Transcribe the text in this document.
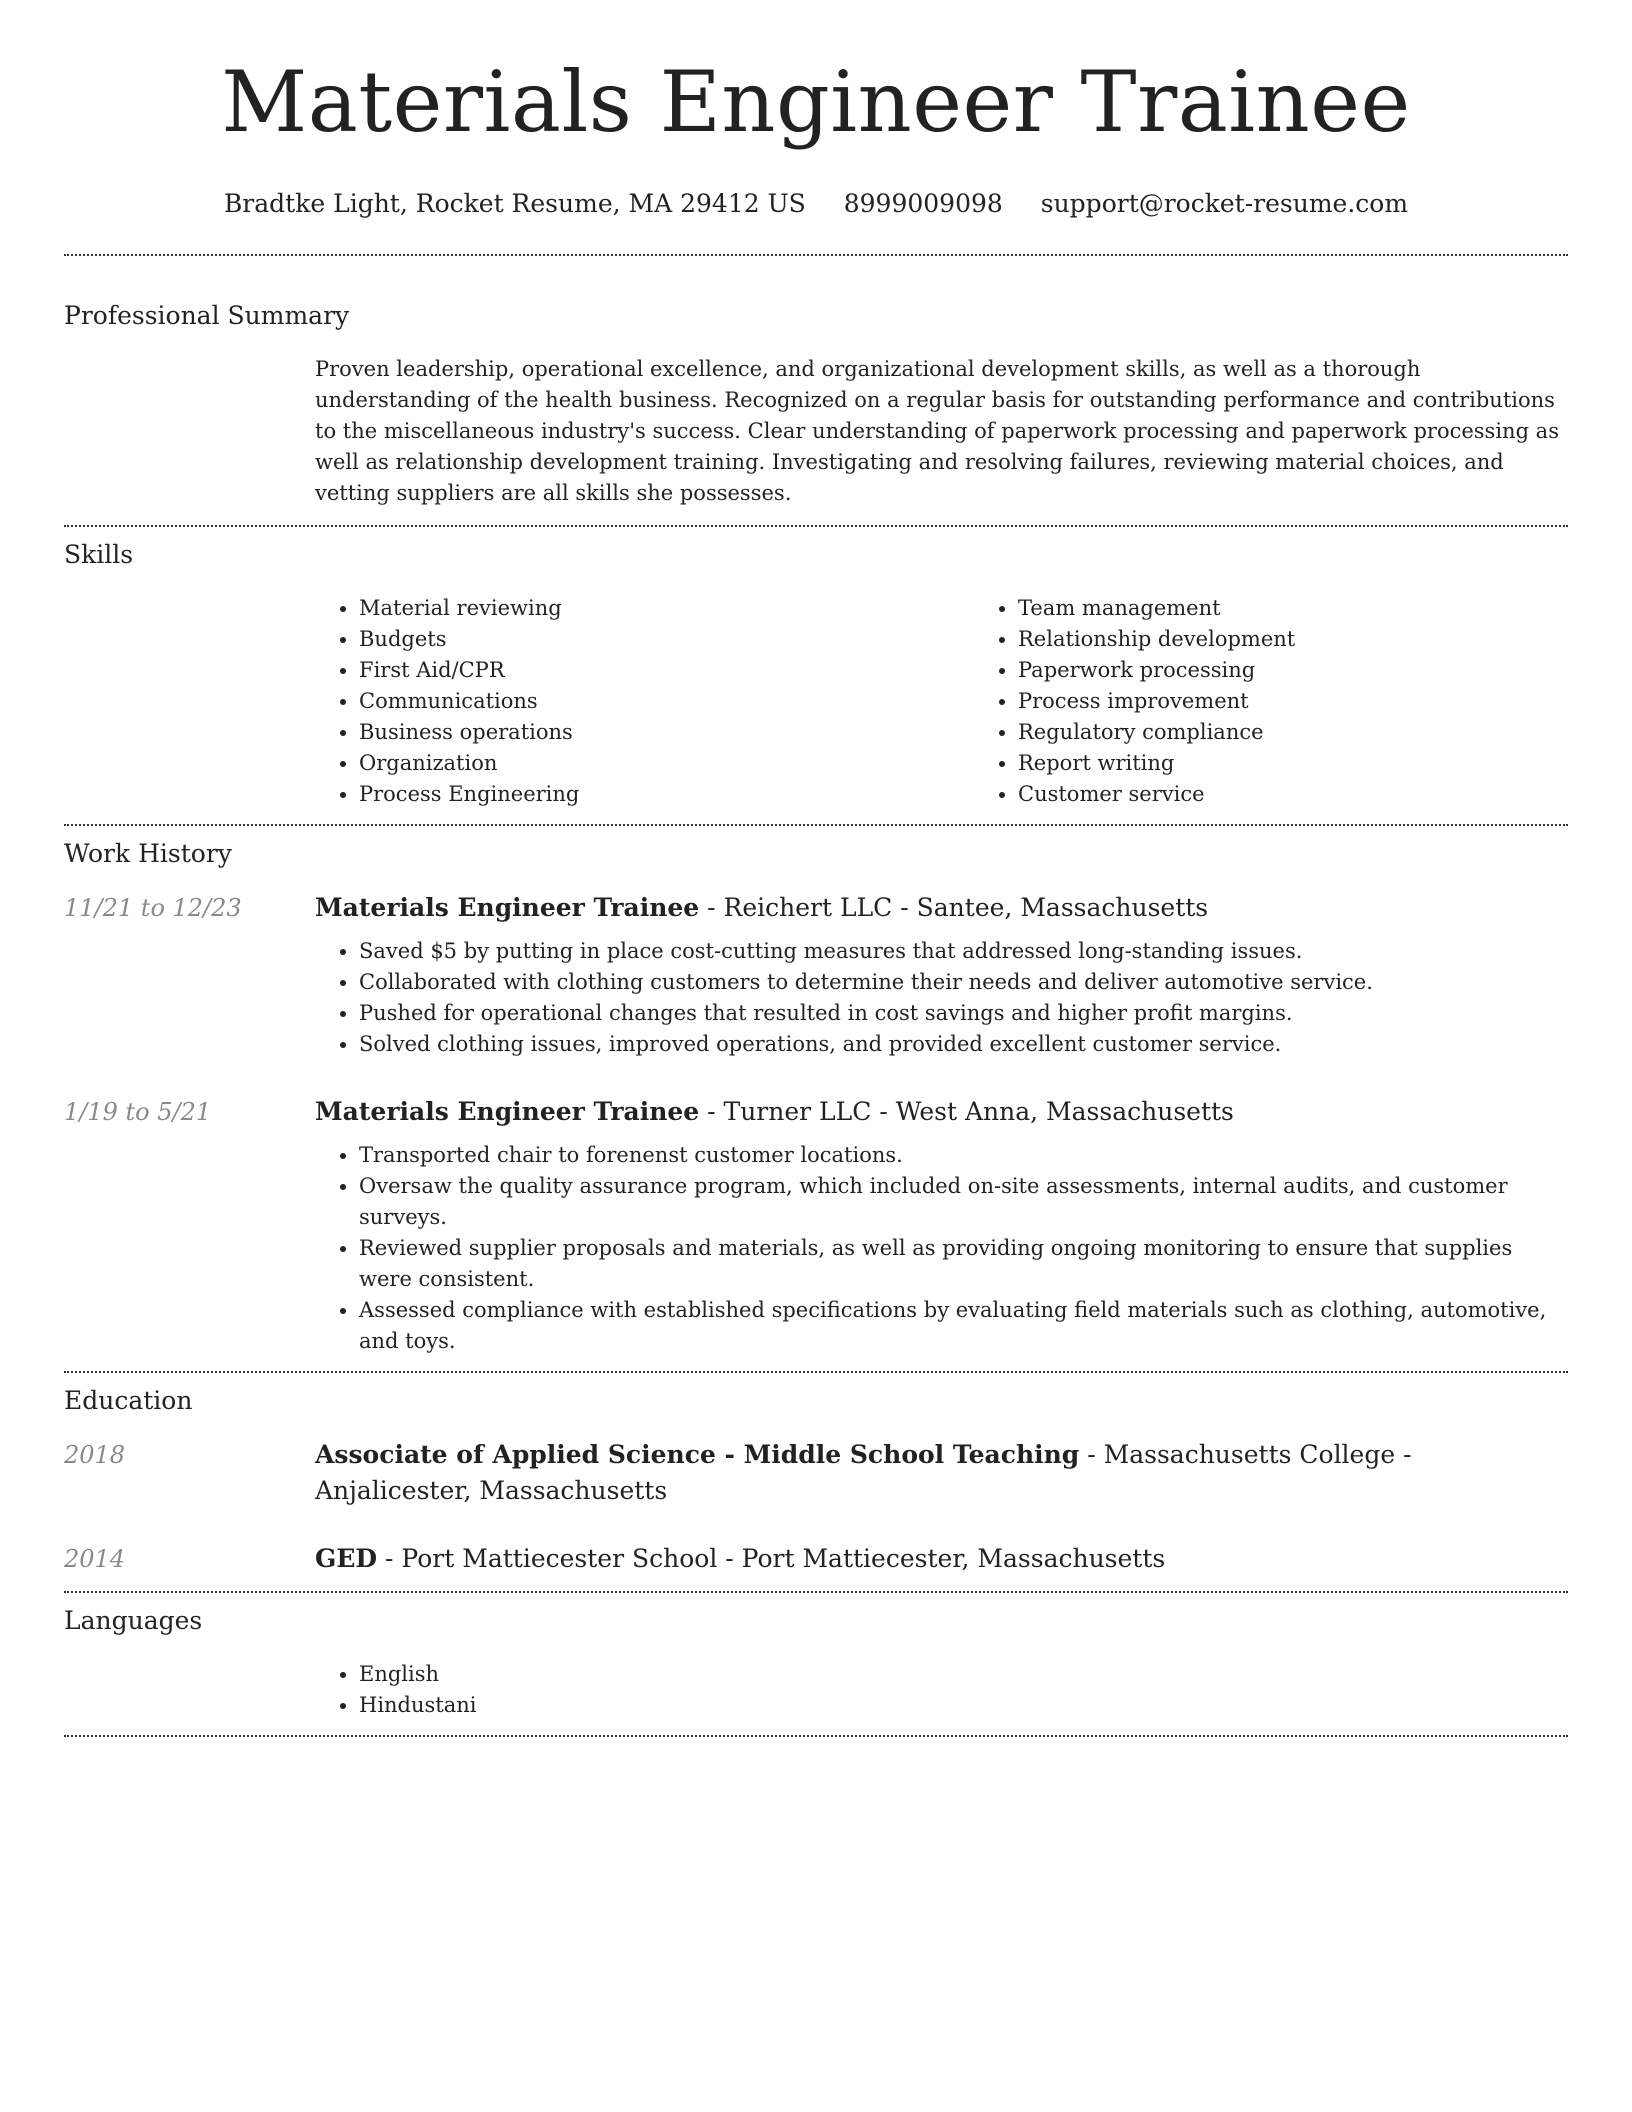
Materials Engineer Trainee
Bradtke Light, Rocket Resume, MA 29412 US 8999009098 support@rocket-resume.com
Professional Summary

Proven leadership, operational excellence, and organizational development skills, as well as a thorough understanding of the health business. Recognized on a regular basis for outstanding performance and contributions to the miscellaneous industry's success. Clear understanding of paperwork processing and paperwork processing as well as relationship development training. Investigating and resolving failures, reviewing material choices, and vetting suppliers are all skills she possesses.

Skills
• Material reviewing
• Budgets
• First Aid/CPR
• Communications
• Business operations
• Organization
• Process Engineering
• Team management
• Relationship development
• Paperwork processing
• Process improvement
• Regulatory compliance
• Report writing
• Customer service
Work History
11/21 to 12/23	Materials Engineer Trainee - Reichert LLC - Santee, Massachusetts

• Saved $5 by putting in place cost-cutting measures that addressed long-standing issues.
• Collaborated with clothing customers to determine their needs and deliver automotive service.
• Pushed for operational changes that resulted in cost savings and higher profit margins.
• Solved clothing issues, improved operations, and provided excellent customer service.
1/19 to 5/21	Materials Engineer Trainee - Turner LLC - West Anna, Massachusetts

• Transported chair to forenenst customer locations.
• Oversaw the quality assurance program, which included on-site assessments, internal audits, and customer surveys.
• Reviewed supplier proposals and materials, as well as providing ongoing monitoring to ensure that supplies were consistent.
• Assessed compliance with established specifications by evaluating field materials such as clothing, automotive, and toys.
Education
2018	Associate of Applied Science - Middle School Teaching - Massachusetts College - Anjalicester, Massachusetts

2014	GED - Port Mattiecester School - Port Mattiecester, Massachusetts

Languages
• English
• Hindustani
